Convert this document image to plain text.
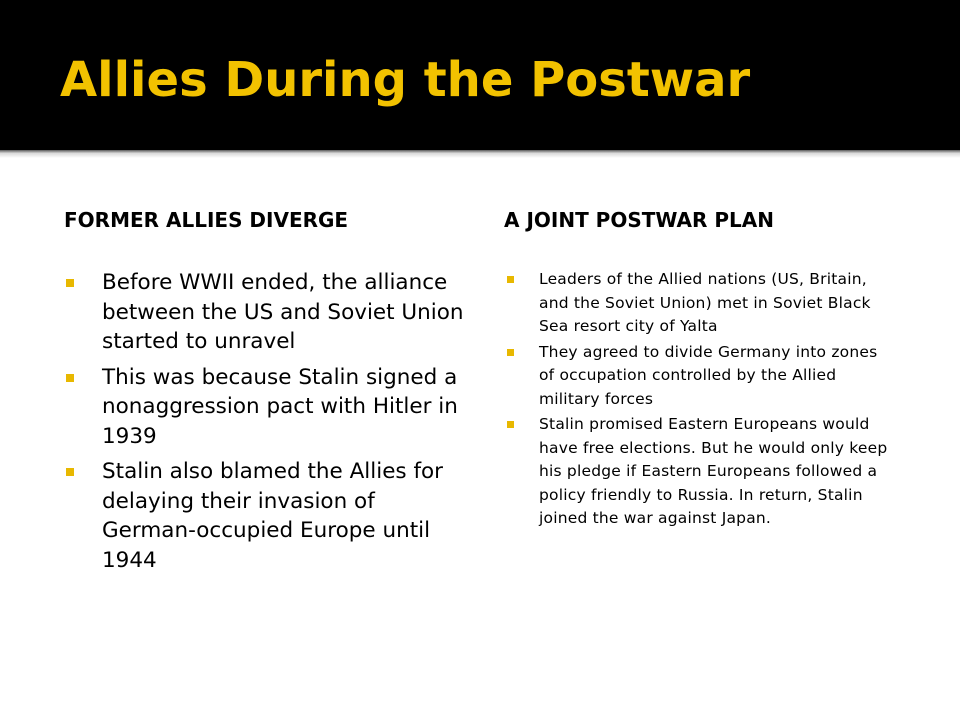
Allies During the Postwar
FORMER ALLIES DIVERGE	A JOINT POSTWAR PLAN
Before WWII ended, the alliance between the US and Soviet Union started to unravel
This was because Stalin signed a nonaggression pact with Hitler in 1939
Stalin also blamed the Allies for delaying their invasion of German-occupied Europe until 1944
Leaders of the Allied nations (US, Britain, and the Soviet Union) met in Soviet Black Sea resort city of Yalta
They agreed to divide Germany into zones of occupation controlled by the Allied military forces
Stalin promised Eastern Europeans would have free elections. But he would only keep his pledge if Eastern Europeans followed a policy friendly to Russia. In return, Stalin joined the war against Japan.
